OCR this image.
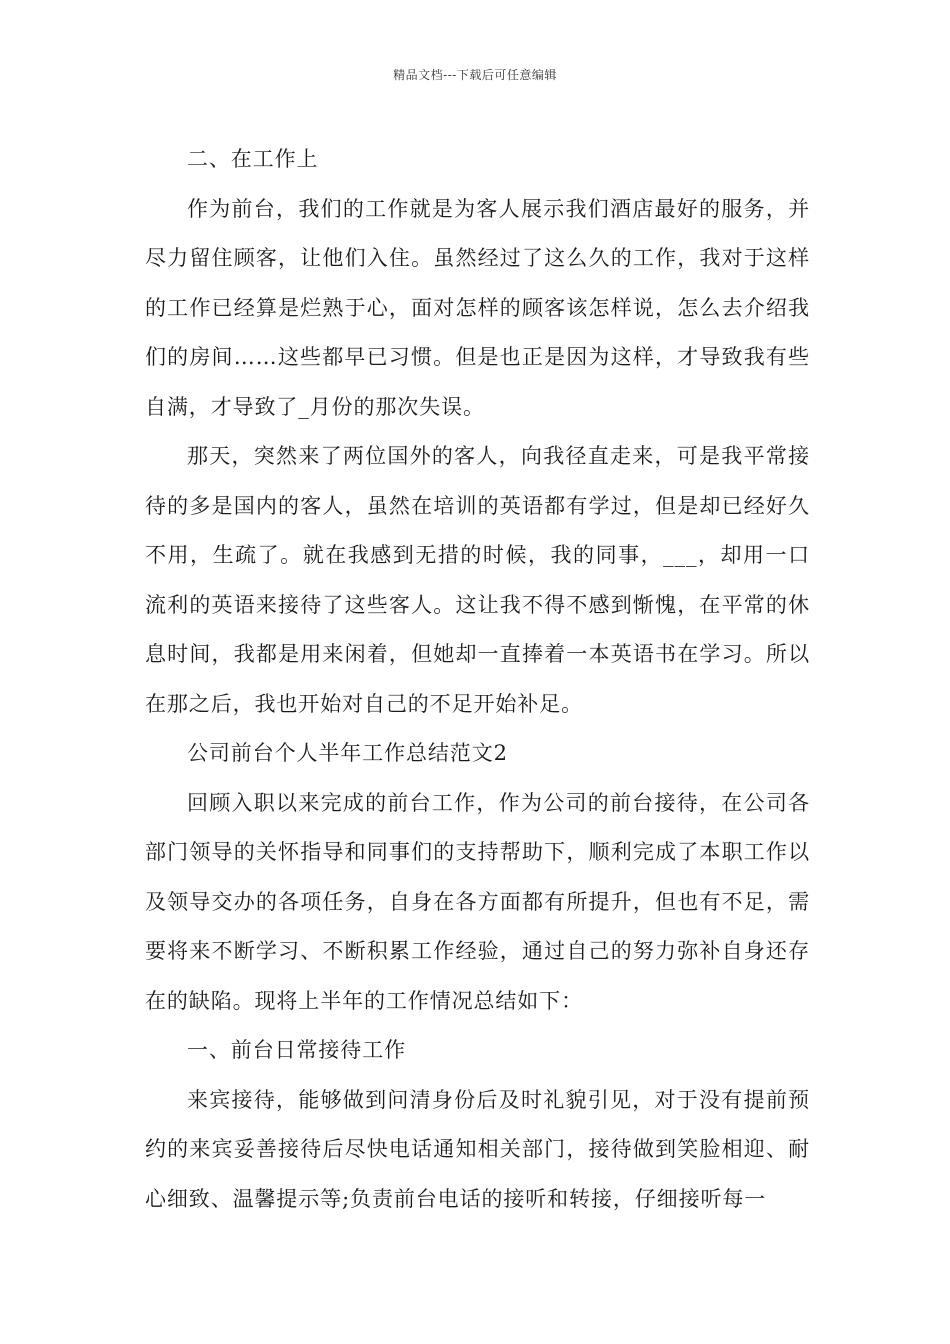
精品文档---下载后可任意编辑

二、在工作上

作为前台，我们的工作就是为客人展示我们酒店最好的服务，并尽力留住顾客，让他们入住。虽然经过了这么久的工作，我对于这样的工作已经算是烂熟于心，面对怎样的顾客该怎样说，怎么去介绍我们的房间……这些都早已习惯。但是也正是因为这样，才导致我有些自满，才导致了_月份的那次失误。

那天，突然来了两位国外的客人，向我径直走来，可是我平常接待的多是国内的客人，虽然在培训的英语都有学过，但是却已经好久不用，生疏了。就在我感到无措的时候，我的同事，___，却用一口流利的英语来接待了这些客人。这让我不得不感到惭愧，在平常的休息时间，我都是用来闲着，但她却一直捧着一本英语书在学习。所以在那之后，我也开始对自己的不足开始补足。

公司前台个人半年工作总结范文2

回顾入职以来完成的前台工作，作为公司的前台接待，在公司各部门领导的关怀指导和同事们的支持帮助下，顺利完成了本职工作以及领导交办的各项任务，自身在各方面都有所提升，但也有不足，需要将来不断学习、不断积累工作经验，通过自己的努力弥补自身还存在的缺陷。现将上半年的工作情况总结如下：

一、前台日常接待工作

来宾接待，能够做到问清身份后及时礼貌引见，对于没有提前预约的来宾妥善接待后尽快电话通知相关部门，接待做到笑脸相迎、耐心细致、温馨提示等;负责前台电话的接听和转接，仔细接听每一
